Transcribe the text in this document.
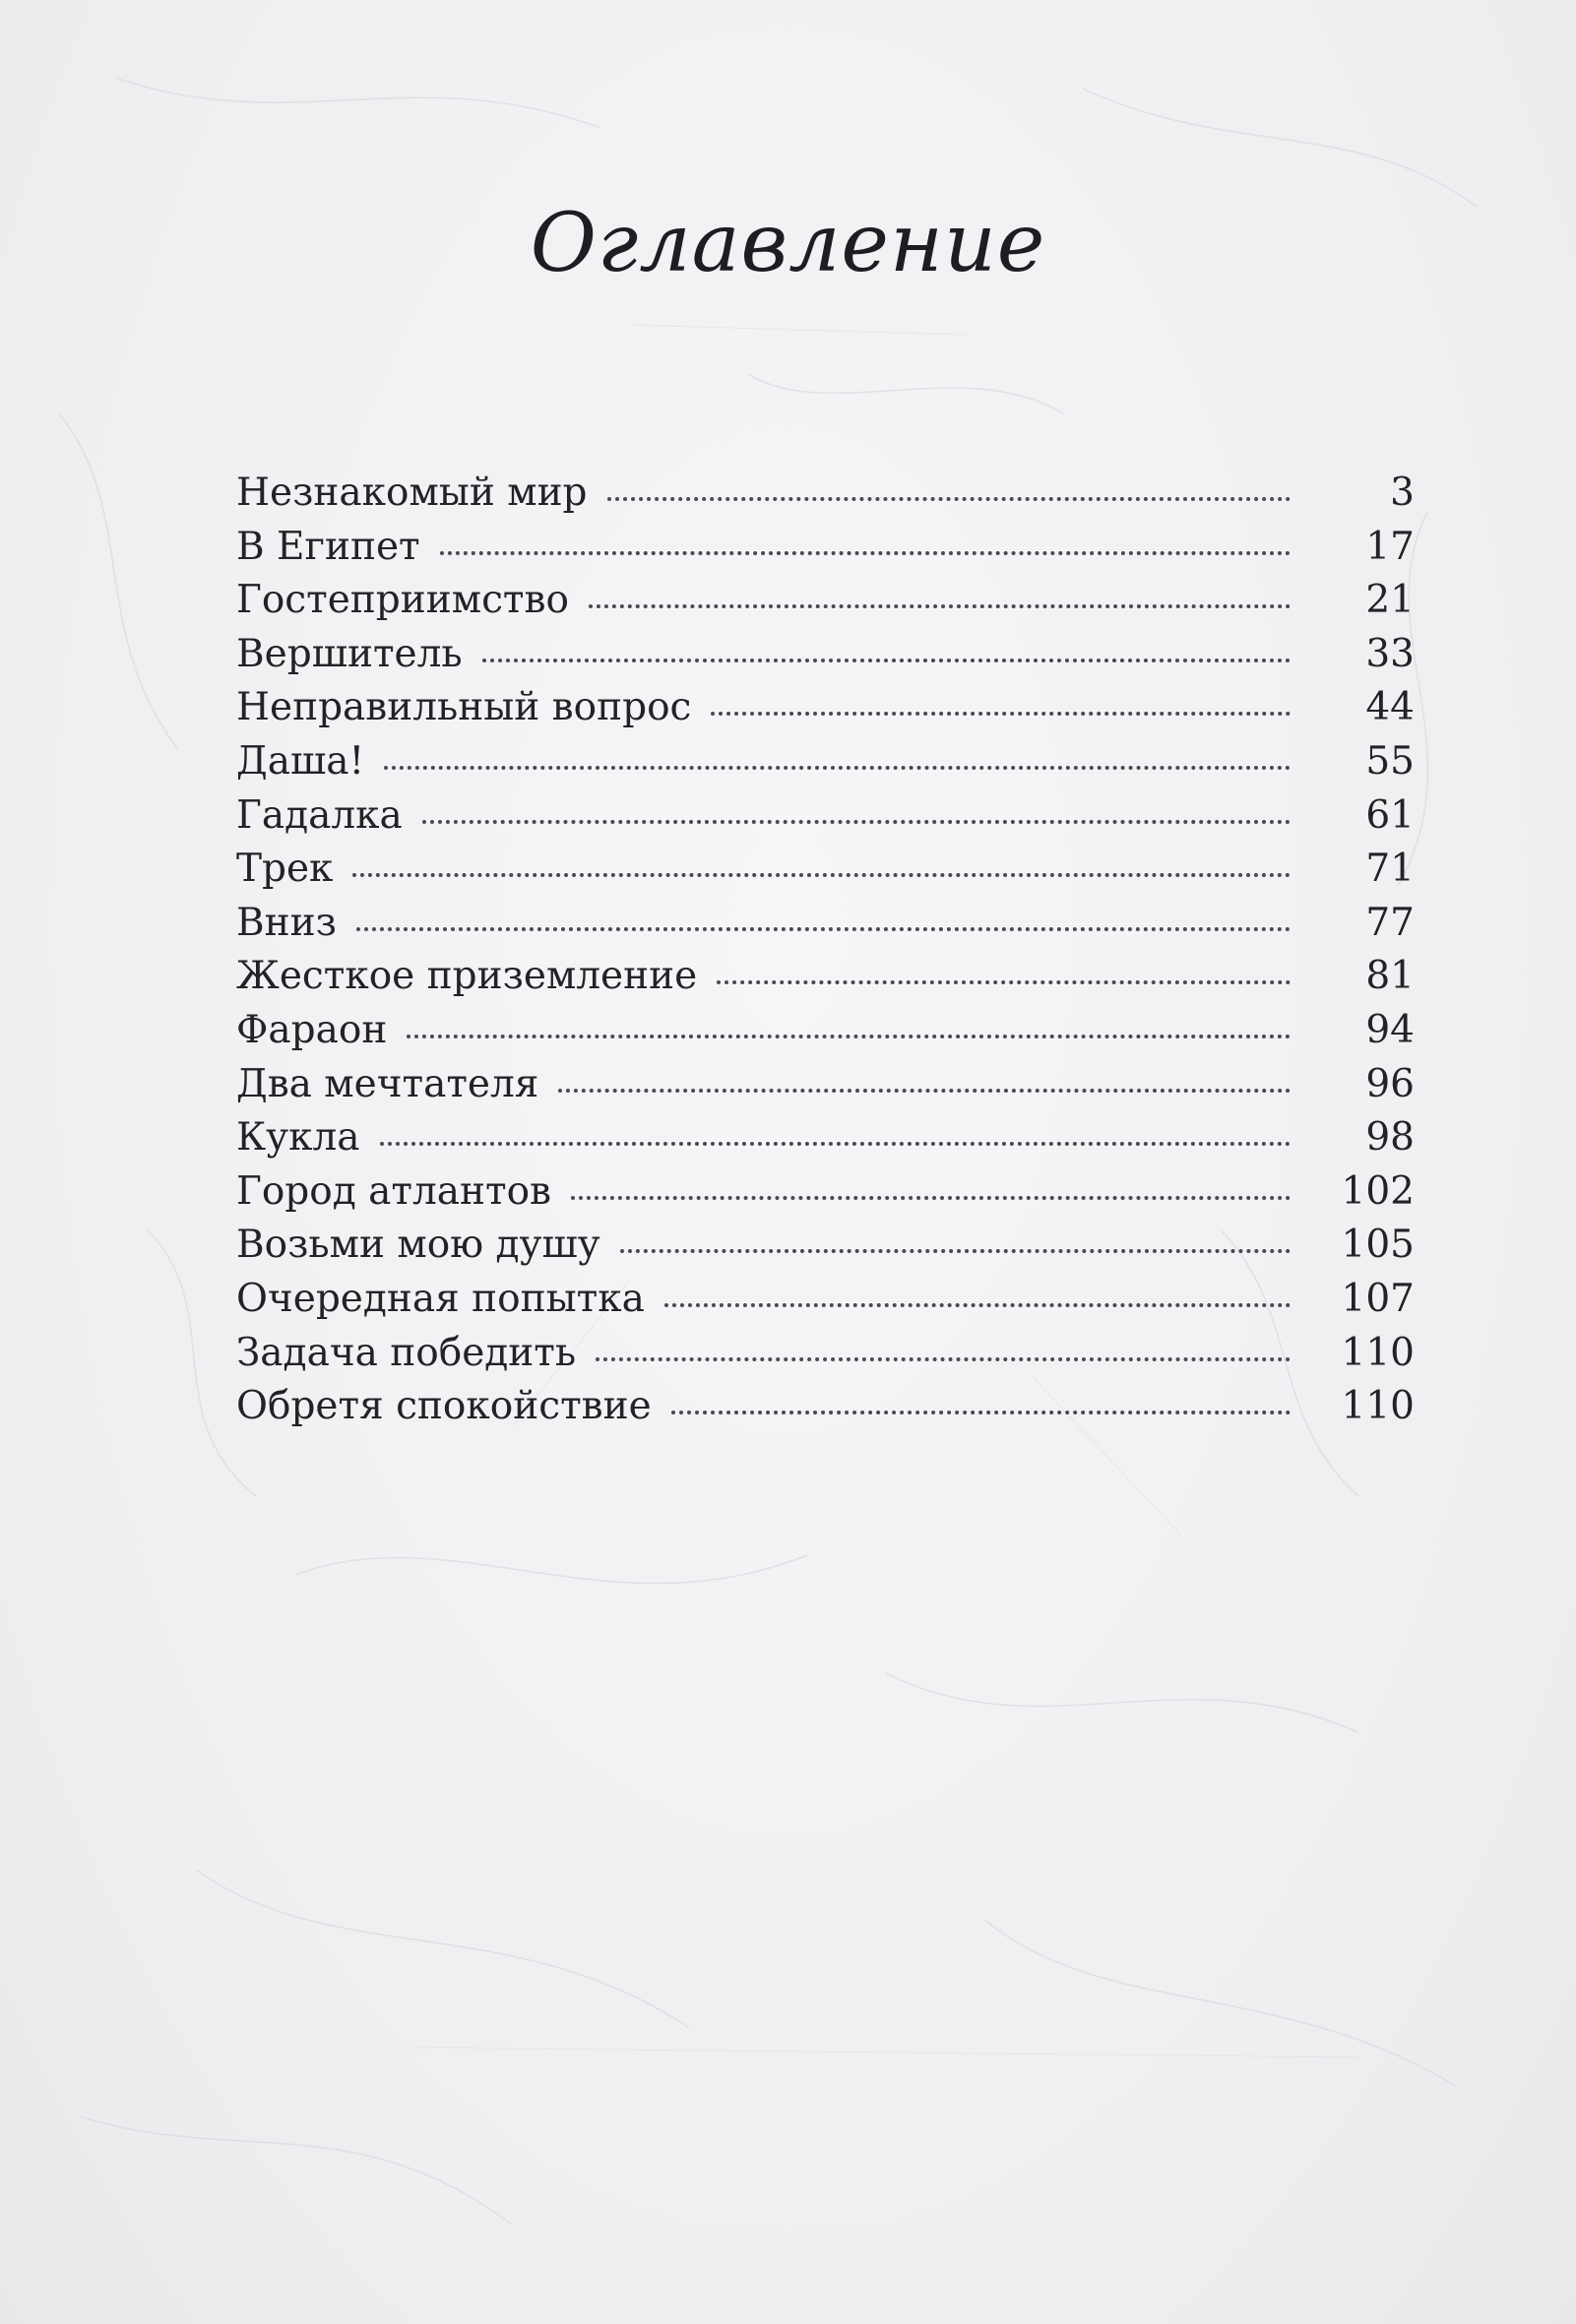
Оглавление
Незнакомый мир	3
В Египет	17
Гостеприимство	21
Вершитель	33
Неправильный вопрос	44
Даша!	55
Гадалка	61
Трек	71
Вниз	77
Жесткое приземление	81
Фараон	94
Два мечтателя	96
Кукла	98
Город атлантов	102
Возьми мою душу	105
Очередная попытка	107
Задача победить	110
Обретя спокойствие	110
